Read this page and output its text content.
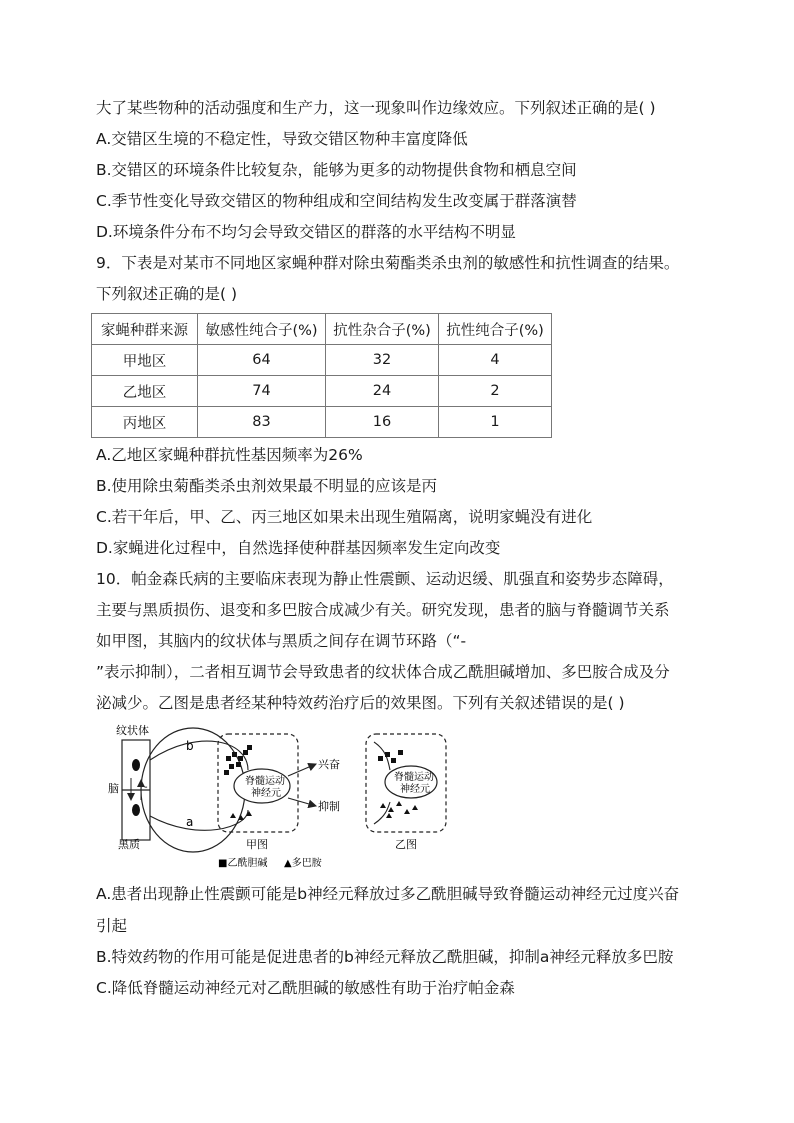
大了某些物种的活动强度和生产力，这一现象叫作边缘效应。下列叙述正确的是( )
A.交错区生境的不稳定性，导致交错区物种丰富度降低
B.交错区的环境条件比较复杂，能够为更多的动物提供食物和栖息空间
C.季节性变化导致交错区的物种组成和空间结构发生改变属于群落演替
D.环境条件分布不均匀会导致交错区的群落的水平结构不明显
9．下表是对某市不同地区家蝇种群对除虫菊酯类杀虫剂的敏感性和抗性调查的结果。
下列叙述正确的是( )
家蝇种群来源	敏感性纯合子(%)	抗性杂合子(%)	抗性纯合子(%)
甲地区	64	32	4
乙地区	74	24	2
丙地区	83	16	1
A.乙地区家蝇种群抗性基因频率为26%
B.使用除虫菊酯类杀虫剂效果最不明显的应该是丙
C.若干年后，甲、乙、丙三地区如果未出现生殖隔离，说明家蝇没有进化
D.家蝇进化过程中，自然选择使种群基因频率发生定向改变
10．帕金森氏病的主要临床表现为静止性震颤、运动迟缓、肌强直和姿势步态障碍，
主要与黑质损伤、退变和多巴胺合成减少有关。研究发现，患者的脑与脊髓调节关系
如甲图，其脑内的纹状体与黑质之间存在调节环路（“-
”表示抑制），二者相互调节会导致患者的纹状体合成乙酰胆碱增加、多巴胺合成及分
泌减少。乙图是患者经某种特效药治疗后的效果图。下列有关叙述错误的是( )
纹状体
-
脑
黑质
b
a
脊髓运动
神经元
兴奋
抑制
甲图
脊髓运动
神经元
乙图
■乙酰胆碱 ▲多巴胺
A.患者出现静止性震颤可能是b神经元释放过多乙酰胆碱导致脊髓运动神经元过度兴奋
引起
B.特效药物的作用可能是促进患者的b神经元释放乙酰胆碱，抑制a神经元释放多巴胺
C.降低脊髓运动神经元对乙酰胆碱的敏感性有助于治疗帕金森
